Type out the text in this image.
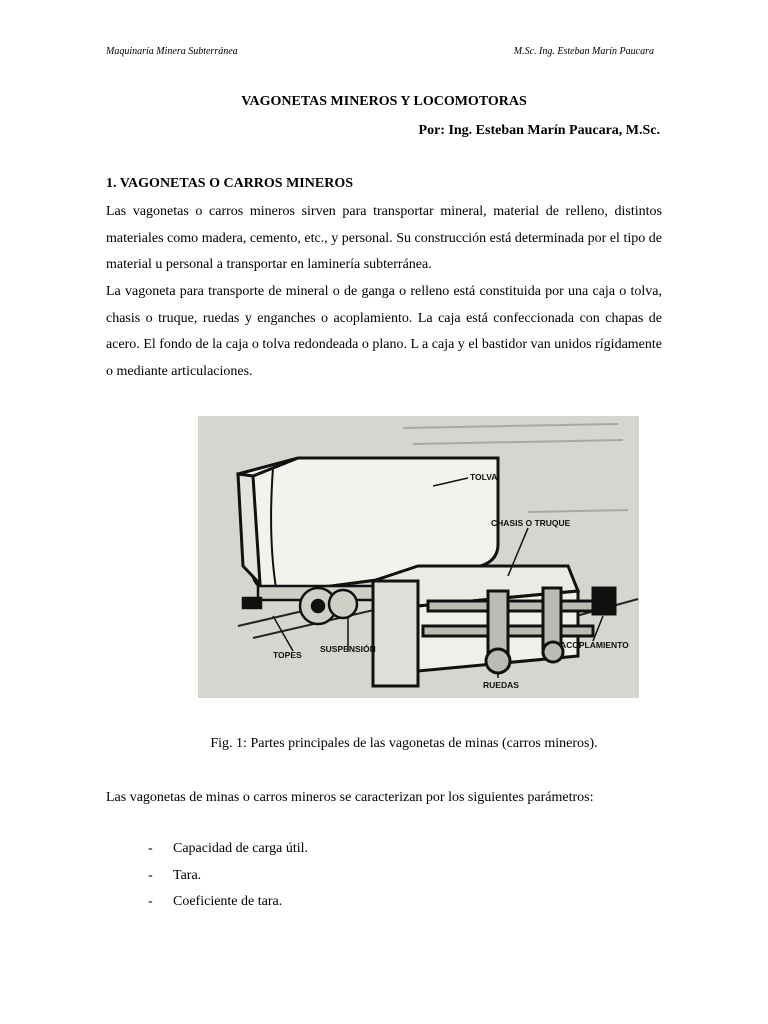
Maquinaría Minera Subterránea	M.Sc. Ing. Esteban Marín Paucara
VAGONETAS MINEROS Y LOCOMOTORAS
Por: Ing. Esteban Marín Paucara, M.Sc.
1. VAGONETAS O CARROS MINEROS
Las vagonetas o carros mineros sirven para transportar mineral, material de relleno, distintos materiales como madera, cemento, etc., y personal. Su construcción está determinada por el tipo de material u personal a transportar en laminería subterránea.
La vagoneta para transporte de mineral o de ganga o relleno está constituida por una caja o tolva, chasis o truque, ruedas y enganches o acoplamiento. La caja está confeccionada con chapas de acero. El fondo de la caja o tolva redondeada o plano. L a caja y el bastidor van unidos rígidamente o mediante articulaciones.
TOLVA
CHASIS O TRUQUE
TOPES
SUSPENSIÓN
RUEDAS
ACOPLAMIENTO
Fig. 1: Partes principales de las vagonetas de minas (carros mineros).
Las vagonetas de minas o carros mineros se caracterizan por los siguientes parámetros:
-	Capacidad de carga útil.
-	Tara.
-	Coeficiente de tara.
